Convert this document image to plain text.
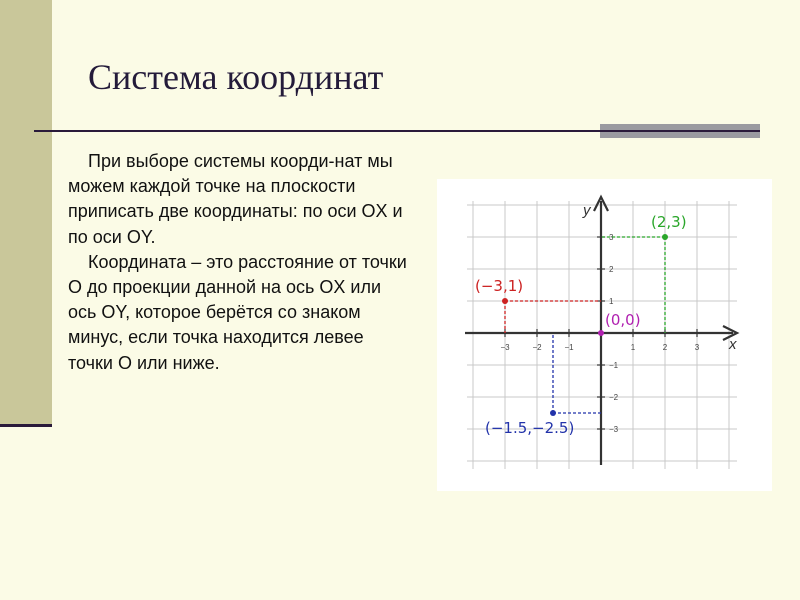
Система координат

При выборе системы коорди-нат мы можем каждой точке на плоскости приписать две координаты: по оси OX и по оси OY.

Координата – это расстояние от точки O до проекции данной на ось OX или ось OY, которое берётся со знаком минус, если точка находится левее точки O или ниже.

x
y
−3	−2	−1	1	2	3
3
2
1
−1
−2
−3
(2,3)
(−3,1)
(0,0)
(−1.5,−2.5)
